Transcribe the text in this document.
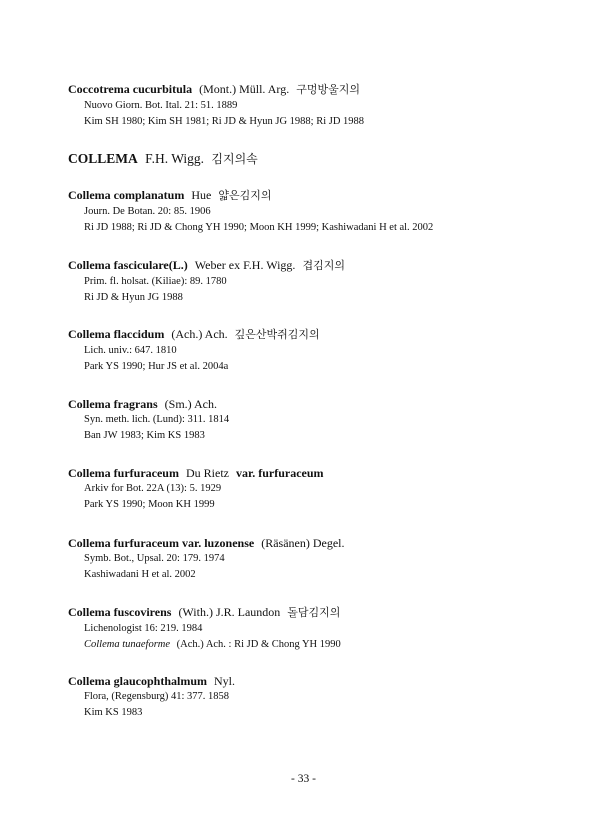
Coccotrema cucurbitula (Mont.) Müll. Arg. 구멍방울지의
Nuovo Giorn. Bot. Ital. 21: 51. 1889
Kim SH 1980; Kim SH 1981; Ri JD & Hyun JG 1988; Ri JD 1988
COLLEMA F.H. Wigg. 김지의속
Collema complanatum Hue 얇은김지의
Journ. De Botan. 20: 85. 1906
Ri JD 1988; Ri JD & Chong YH 1990; Moon KH 1999; Kashiwadani H et al. 2002
Collema fasciculare(L.) Weber ex F.H. Wigg. 겹김지의
Prim. fl. holsat. (Kiliae): 89. 1780
Ri JD & Hyun JG 1988
Collema flaccidum (Ach.) Ach. 깊은산박쥐김지의
Lich. univ.: 647. 1810
Park YS 1990; Hur JS et al. 2004a
Collema fragrans (Sm.) Ach.
Syn. meth. lich. (Lund): 311. 1814
Ban JW 1983; Kim KS 1983
Collema furfuraceum Du Rietz var. furfuraceum
Arkiv for Bot. 22A (13): 5. 1929
Park YS 1990; Moon KH 1999
Collema furfuraceum var. luzonense (Räsänen) Degel.
Symb. Bot., Upsal. 20: 179. 1974
Kashiwadani H et al. 2002
Collema fuscovirens (With.) J.R. Laundon 돌담김지의
Lichenologist 16: 219. 1984
Collema tunaeforme (Ach.) Ach. : Ri JD & Chong YH 1990
Collema glaucophthalmum Nyl.
Flora, (Regensburg) 41: 377. 1858
Kim KS 1983
- 33 -
